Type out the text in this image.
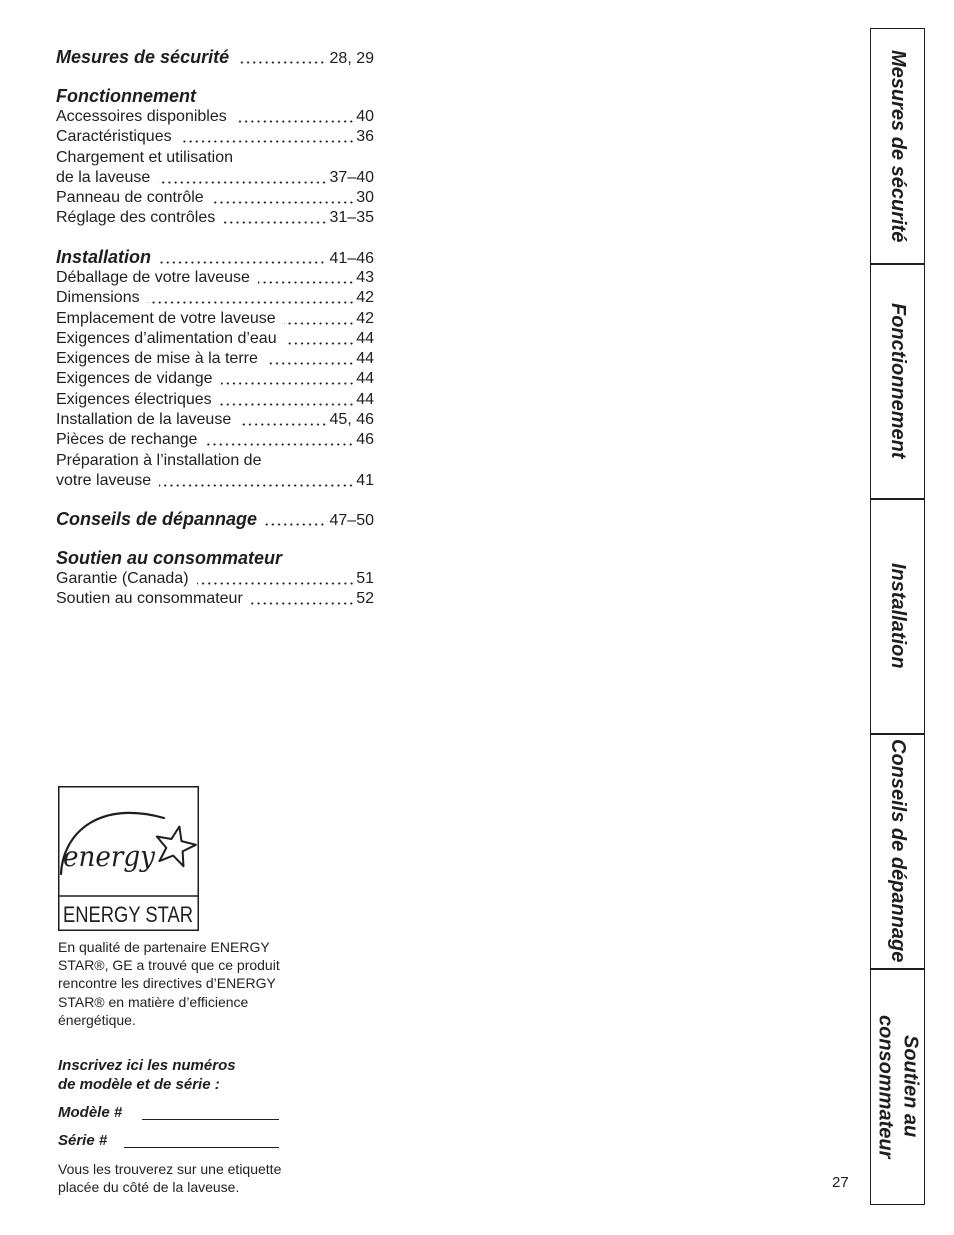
Mesures de sécurité	28, 29
Fonctionnement
Accessoires disponibles	40
Caractéristiques	36
Chargement et utilisation
de la laveuse	37–40
Panneau de contrôle	30
Réglage des contrôles	31–35
Installation	41–46
Déballage de votre laveuse	43
Dimensions	42
Emplacement de votre laveuse	42
Exigences d’alimentation d’eau	44
Exigences de mise à la terre	44
Exigences de vidange	44
Exigences électriques	44
Installation de la laveuse	45, 46
Pièces de rechange	46
Préparation à l’installation de
votre laveuse	41
Conseils de dépannage	47–50
Soutien au consommateur
Garantie (Canada)	51
Soutien au consommateur	52
energy
ENERGY STAR
En qualité de partenaire ENERGY
STAR®, GE a trouvé que ce produit
rencontre les directives d’ENERGY
STAR® en matière d’efficience
énergétique.
Inscrivez ici les numéros
de modèle et de série :
Modèle #
Série #
Vous les trouverez sur une etiquette
placée du côté de la laveuse.	27
Mesures de sécurité
Fonctionnement
Installation
Conseils de dépannage
Soutien au consommateur
